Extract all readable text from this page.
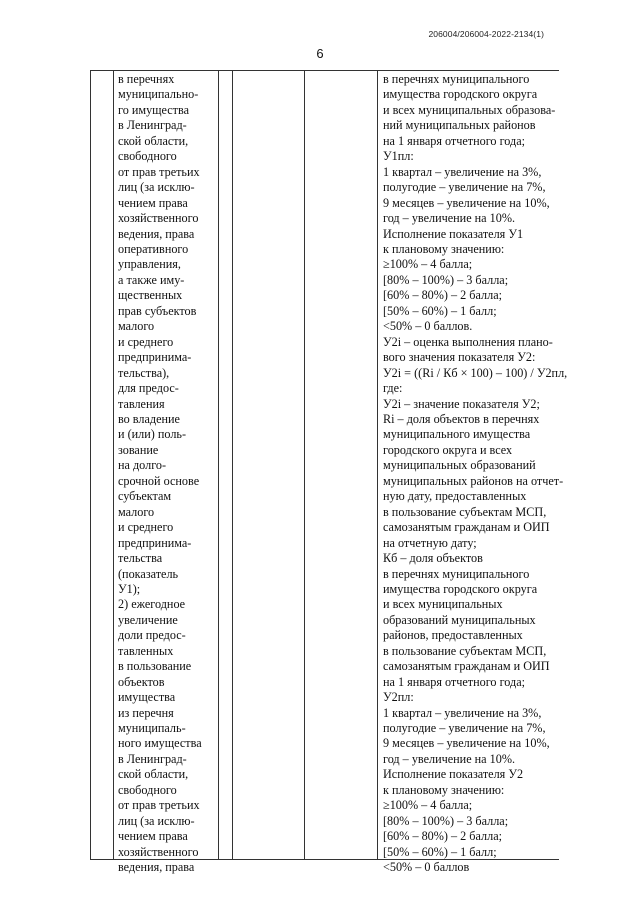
206004/206004-2022-2134(1)
6
в перечнях
муниципально-
го имущества
в Ленинград-
ской области,
свободного
от прав третьих
лиц (за исклю-
чением права
хозяйственного
ведения, права
оперативного
управления,
а также иму-
щественных
прав субъектов
малого
и среднего
предпринима-
тельства),
для предос-
тавления
во владение
и (или) поль-
зование
на долго-
срочной основе
субъектам
малого
и среднего
предпринима-
тельства
(показатель
У1);
2) ежегодное
увеличение
доли предос-
тавленных
в пользование
объектов
имущества
из перечня
муниципаль-
ного имущества
в Ленинград-
ской области,
свободного
от прав третьих
лиц (за исклю-
чением права
хозяйственного
ведения, права
в перечнях муниципального
имущества городского округа
и всех муниципальных образова-
ний муниципальных районов
на 1 января отчетного года;
У1пл:
1 квартал – увеличение на 3%,
полугодие – увеличение на 7%,
9 месяцев – увеличение на 10%,
год – увеличение на 10%.
Исполнение показателя У1
к плановому значению:
≥100% – 4 балла;
[80% – 100%) – 3 балла;
[60% – 80%) – 2 балла;
[50% – 60%) – 1 балл;
<50% – 0 баллов.
У2i – оценка выполнения плано-
вого значения показателя У2:
У2i = ((Ri / Кб × 100) – 100) / У2пл,
где:
У2i – значение показателя У2;
Ri – доля объектов в перечнях
муниципального имущества
городского округа и всех
муниципальных образований
муниципальных районов на отчет-
ную дату, предоставленных
в пользование субъектам МСП,
самозанятым гражданам и ОИП
на отчетную дату;
Кб – доля объектов
в перечнях муниципального
имущества городского округа
и всех муниципальных
образований муниципальных
районов, предоставленных
в пользование субъектам МСП,
самозанятым гражданам и ОИП
на 1 января отчетного года;
У2пл:
1 квартал – увеличение на 3%,
полугодие – увеличение на 7%,
9 месяцев – увеличение на 10%,
год – увеличение на 10%.
Исполнение показателя У2
к плановому значению:
≥100% – 4 балла;
[80% – 100%) – 3 балла;
[60% – 80%) – 2 балла;
[50% – 60%) – 1 балл;
<50% – 0 баллов
